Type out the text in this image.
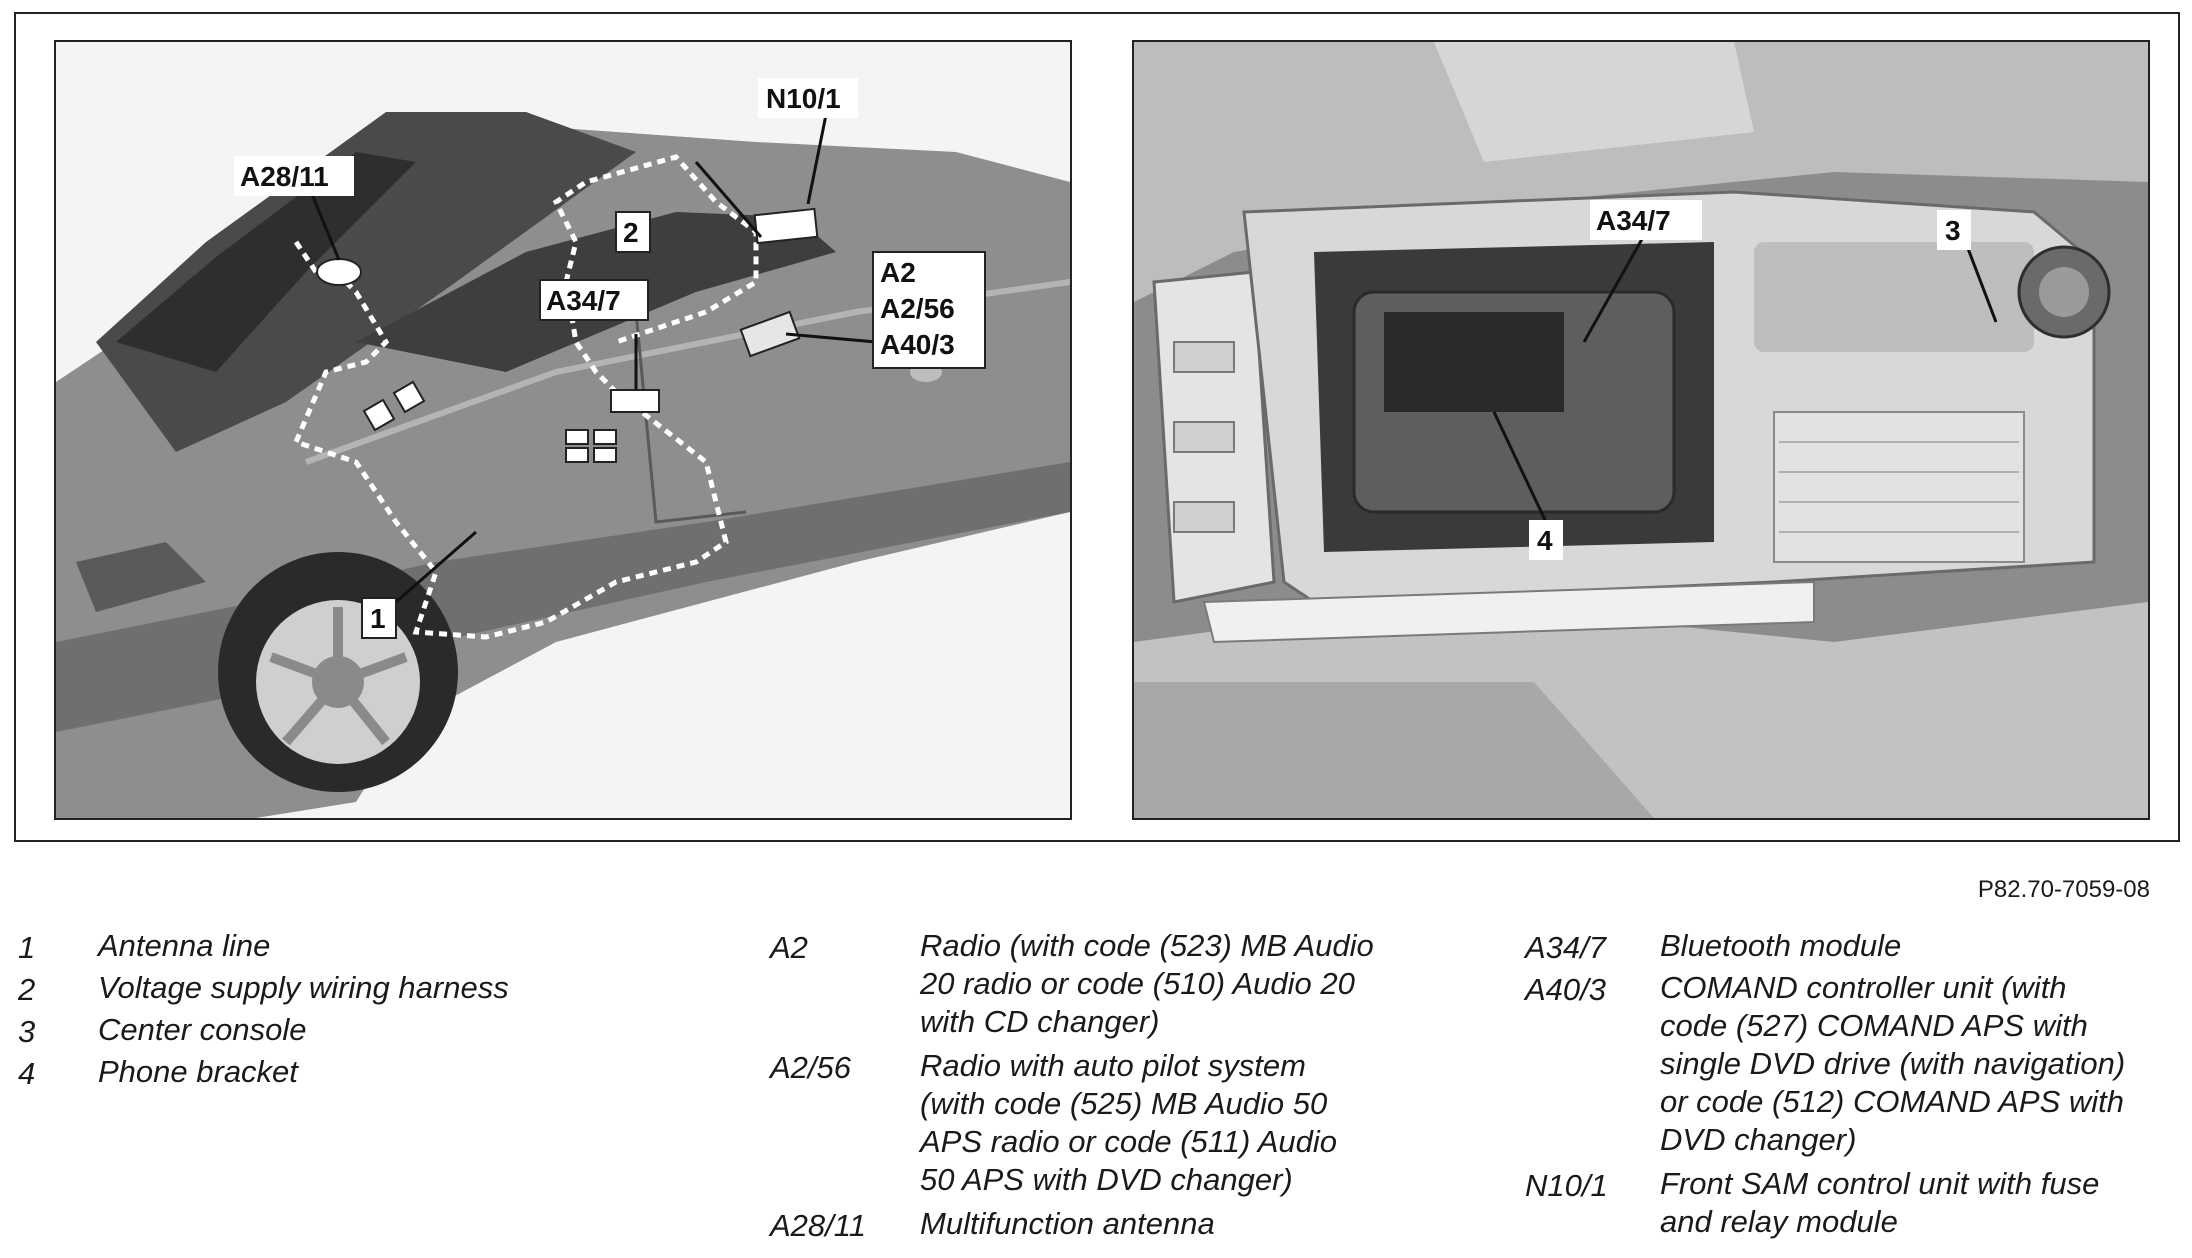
N10/1
A28/11
2
A34/7
A2
A2/56
A40/3
1
A34/7	3
4
P82.70-7059-08
1 Antenna line
2 Voltage supply wiring harness
3 Center console
4 Phone bracket
A2	Radio (with code (523) MB Audio
20 radio or code (510) Audio 20
with CD changer)
A2/56 Radio with auto pilot system
(with code (525) MB Audio 50
APS radio or code (511) Audio
50 APS with DVD changer)
A28/11 Multifunction antenna
A34/7 Bluetooth module
A40/3 COMAND controller unit (with
code (527) COMAND APS with
single DVD drive (with navigation)
or code (512) COMAND APS with
DVD changer)
N10/1 Front SAM control unit with fuse
and relay module
